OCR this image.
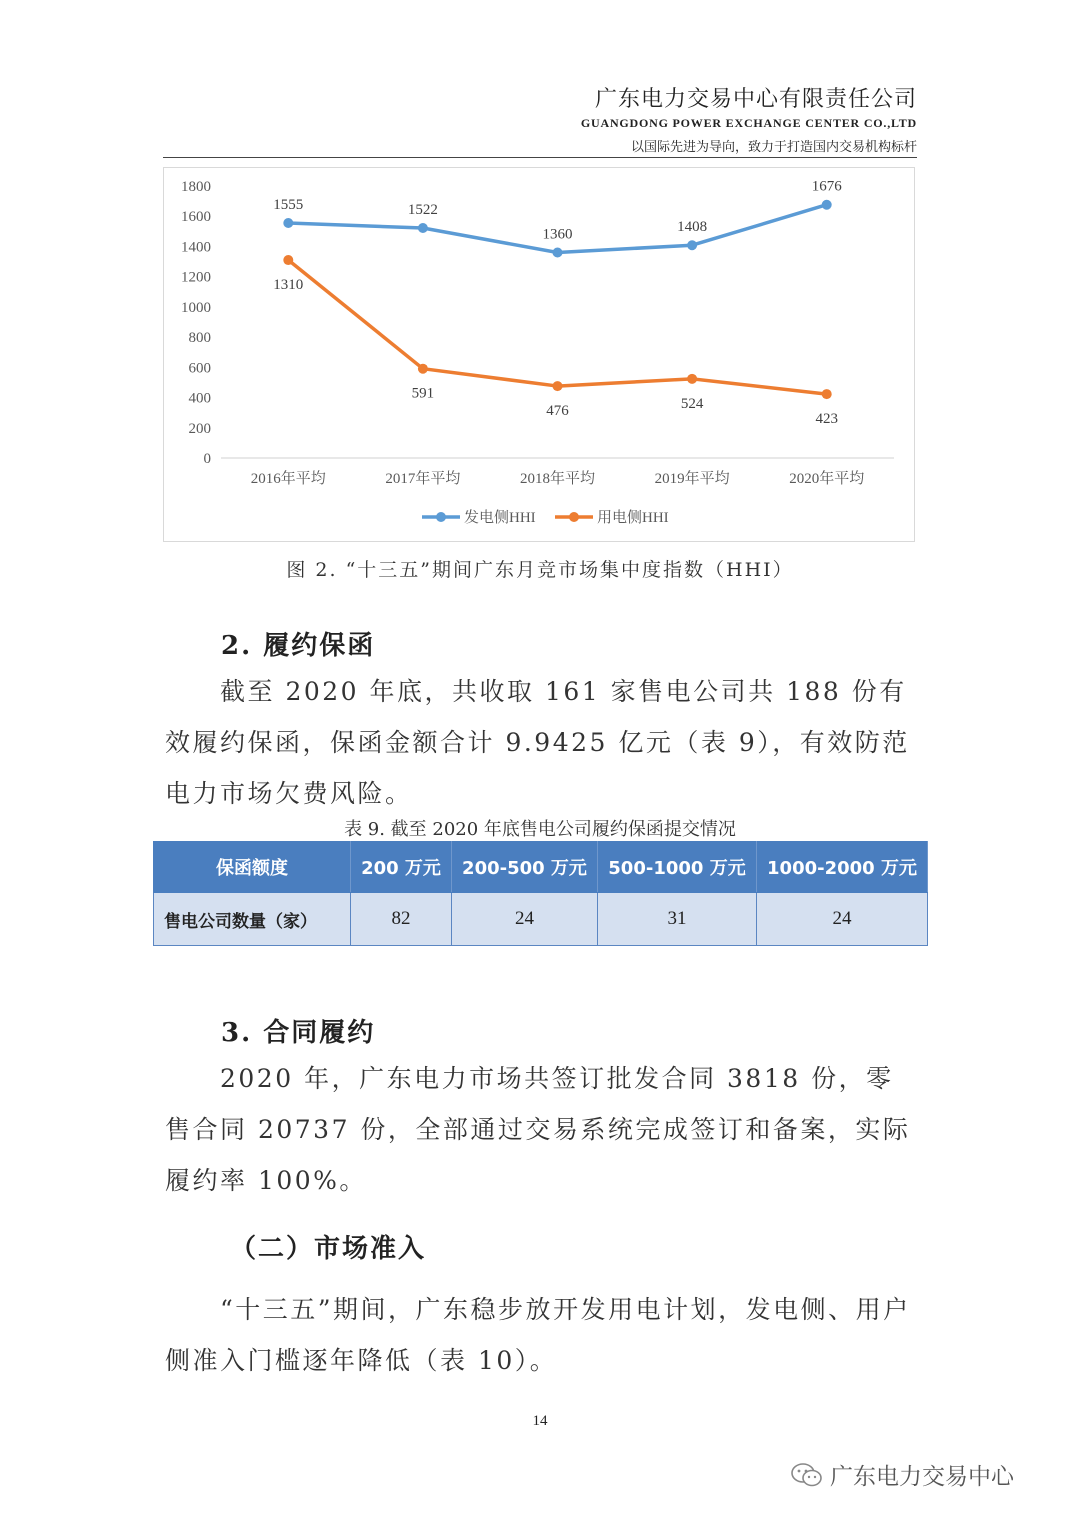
广东电力交易中心有限责任公司
GUANGDONG POWER EXCHANGE CENTER CO.,LTD
以国际先进为导向，致力于打造国内交易机构标杆
0
200
400
600
800
1000
1200
1400
1600
1800
2016年平均	2017年平均	2018年平均	2019年平均	2020年平均
1555	1522
1360	1408
1676
1310
591
476	524
423
发电侧HHI	用电侧HHI
图 2. “十三五”期间广东月竞市场集中度指数（HHI）
2. 履约保函

截至 2020 年底，共收取 161 家售电公司共 188 份有效履约保函，保函金额合计 9.9425 亿元（表 9），有效防范电力市场欠费风险。

表 9. 截至 2020 年底售电公司履约保函提交情况
保函额度	200 万元	200-500 万元	500-1000 万元	1000-2000 万元
售电公司数量（家）	82	24	31	24
3. 合同履约

2020 年，广东电力市场共签订批发合同 3818 份，零售合同 20737 份，全部通过交易系统完成签订和备案，实际履约率 100%。

（二）市场准入

“十三五”期间，广东稳步放开发用电计划，发电侧、用户侧准入门槛逐年降低（表 10）。

14
广东电力交易中心
